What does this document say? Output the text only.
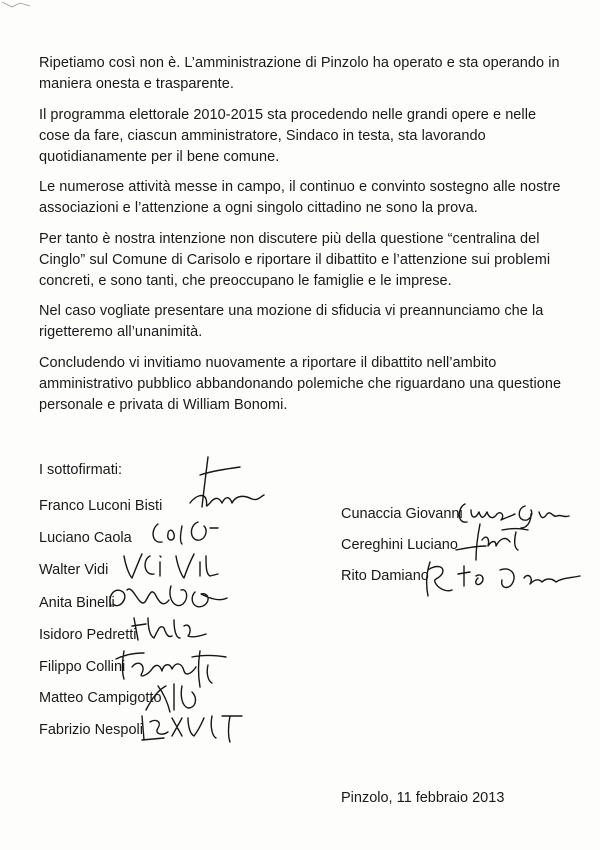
Ripetiamo così non è. L’amministrazione di Pinzolo ha operato e sta operando in maniera onesta e trasparente.

Il programma elettorale 2010-2015 sta procedendo nelle grandi opere e nelle cose da fare, ciascun amministratore, Sindaco in testa, sta lavorando quotidianamente per il bene comune.

Le numerose attività messe in campo, il continuo e convinto sostegno alle nostre associazioni e l’attenzione a ogni singolo cittadino ne sono la prova.

Per tanto è nostra intenzione non discutere più della questione “centralina del Cinglo” sul Comune di Carisolo e riportare il dibattito e l’attenzione sui problemi concreti, e sono tanti, che preoccupano le famiglie e le imprese.

Nel caso vogliate presentare una mozione di sfiducia vi preannunciamo che la rigetteremo all’unanimità.

Concludendo vi invitiamo nuovamente a riportare il dibattito nell’ambito amministrativo pubblico abbandonando polemiche che riguardano una questione personale e privata di William Bonomi.

I sottofirmati:
Franco Luconi Bisti
Luciano Caola
Walter Vidi
Anita Binelli
Isidoro Pedretti
Filippo Collini
Matteo Campigotto
Fabrizio Nespoli
Cunaccia Giovanni
Cereghini Luciano
Rito Damiano
Pinzolo, 11 febbraio 2013
